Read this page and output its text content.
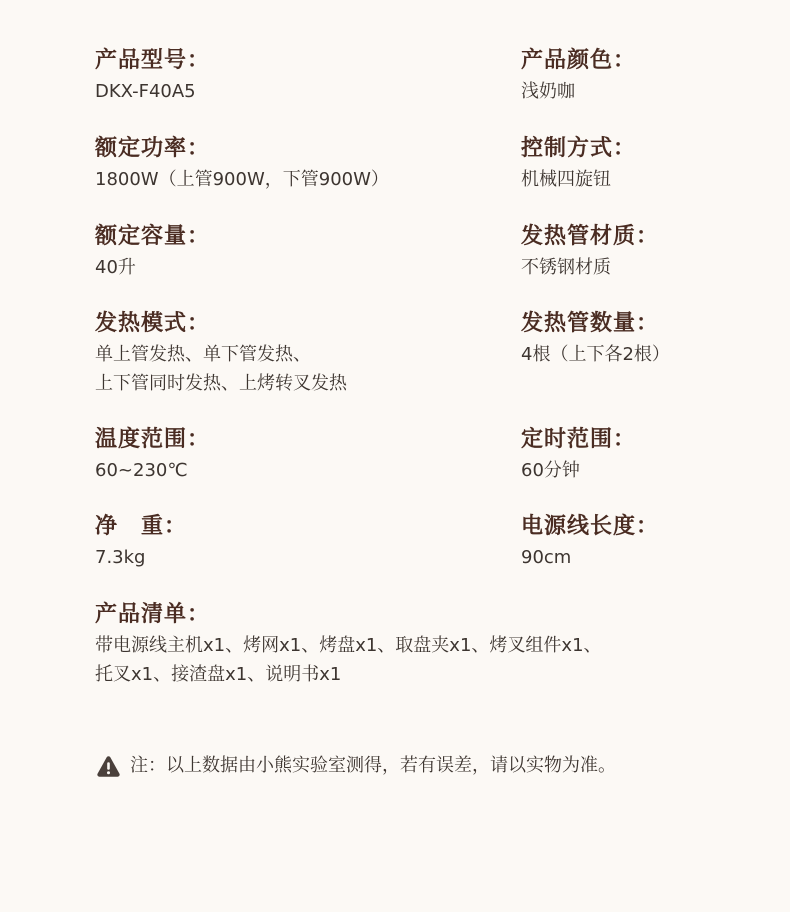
产品型号：
DKX-F40A5
产品颜色：
浅奶咖
额定功率：
1800W（上管900W，下管900W）
控制方式：
机械四旋钮
额定容量：
40升
发热管材质：
不锈钢材质
发热模式：
单上管发热、单下管发热、
上下管同时发热、上烤转叉发热
发热管数量：
4根（上下各2根）
温度范围：
60~230℃
定时范围：
60分钟
净　重：
7.3kg
电源线长度：
90cm
产品清单：
带电源线主机x1、烤网x1、烤盘x1、取盘夹x1、烤叉组件x1、
托叉x1、接渣盘x1、说明书x1
注：以上数据由小熊实验室测得，若有误差，请以实物为准。
